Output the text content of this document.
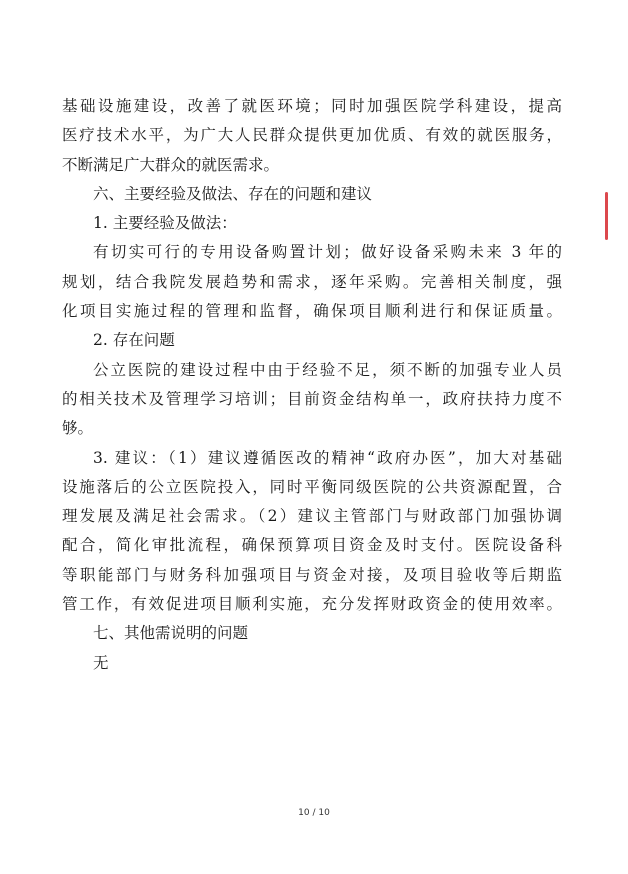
基础设施建设，改善了就医环境；同时加强医院学科建设，提高
医疗技术水平，为广大人民群众提供更加优质、有效的就医服务，
不断满足广大群众的就医需求。
六、主要经验及做法、存在的问题和建议
1. 主要经验及做法：
有切实可行的专用设备购置计划；做好设备采购未来 3 年的
规划，结合我院发展趋势和需求，逐年采购。完善相关制度，强
化项目实施过程的管理和监督，确保项目顺利进行和保证质量。
2. 存在问题
公立医院的建设过程中由于经验不足，须不断的加强专业人员
的相关技术及管理学习培训；目前资金结构单一，政府扶持力度不
够。
3. 建议：（1）建议遵循医改的精神“政府办医”，加大对基础
设施落后的公立医院投入，同时平衡同级医院的公共资源配置，合
理发展及满足社会需求。（2）建议主管部门与财政部门加强协调
配合，简化审批流程，确保预算项目资金及时支付。医院设备科
等职能部门与财务科加强项目与资金对接，及项目验收等后期监
管工作，有效促进项目顺利实施，充分发挥财政资金的使用效率。
七、其他需说明的问题
无
10 / 10
